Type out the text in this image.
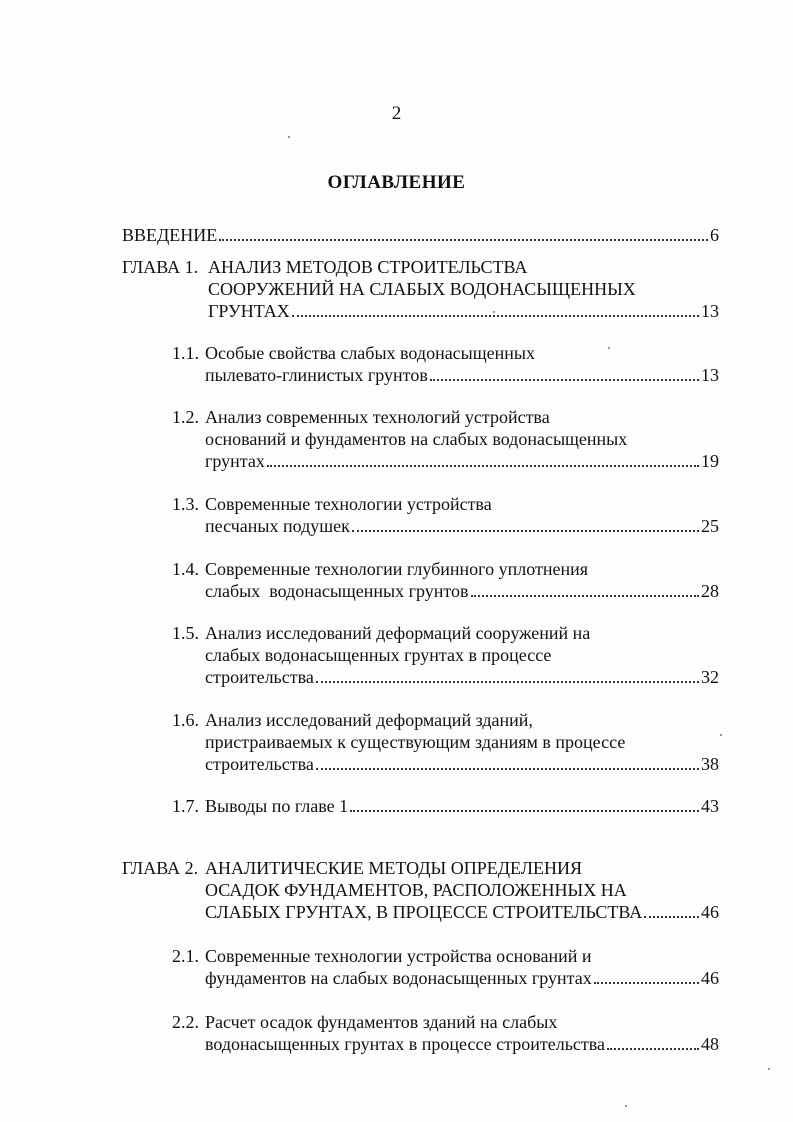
2
ОГЛАВЛЕНИЕ
ВВЕДЕНИЕ	6
ГЛАВА 1. АНАЛИЗ МЕТОДОВ СТРОИТЕЛЬСТВА
СООРУЖЕНИЙ НА СЛАБЫХ ВОДОНАСЫЩЕННЫХ
ГРУНТАХ	13
1.1. Особые свойства слабых водонасыщенных
пылевато-глинистых грунтов	13
1.2. Анализ современных технологий устройства
оснований и фундаментов на слабых водонасыщенных
грунтах	19
1.3. Современные технологии устройства
песчаных подушек	25
1.4. Современные технологии глубинного уплотнения
слабых  водонасыщенных грунтов	28
1.5. Анализ исследований деформаций сооружений на
слабых водонасыщенных грунтах в процессе
строительства	32
1.6. Анализ исследований деформаций зданий,
пристраиваемых к существующим зданиям в процессе
строительства	38
1.7. Выводы по главе 1	43
ГЛАВА 2. АНАЛИТИЧЕСКИЕ МЕТОДЫ ОПРЕДЕЛЕНИЯ
ОСАДОК ФУНДАМЕНТОВ, РАСПОЛОЖЕННЫХ НА
СЛАБЫХ ГРУНТАХ, В ПРОЦЕССЕ СТРОИТЕЛЬСТВА	46
2.1. Современные технологии устройства оснований и
фундаментов на слабых водонасыщенных грунтах	46
2.2. Расчет осадок фундаментов зданий на слабых
водонасыщенных грунтах в процессе строительства	48
